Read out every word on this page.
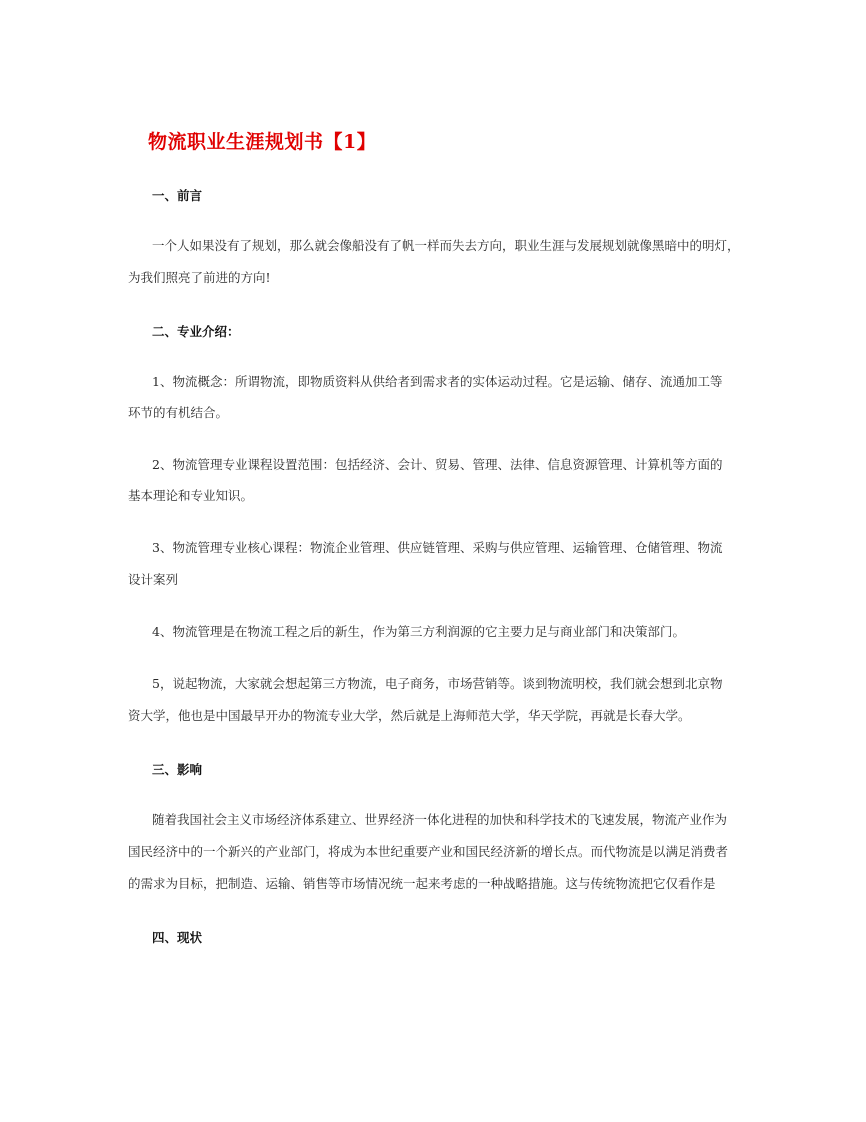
物流职业生涯规划书【1】
一、前言
一个人如果没有了规划，那么就会像船没有了帆一样而失去方向，职业生涯与发展规划就像黑暗中的明灯，
为我们照亮了前进的方向!
二、专业介绍：
1、物流概念：所谓物流，即物质资料从供给者到需求者的实体运动过程。它是运输、储存、流通加工等
环节的有机结合。
2、物流管理专业课程设置范围：包括经济、会计、贸易、管理、法律、信息资源管理、计算机等方面的
基本理论和专业知识。
3、物流管理专业核心课程：物流企业管理、供应链管理、采购与供应管理、运输管理、仓储管理、物流
设计案列
4、物流管理是在物流工程之后的新生，作为第三方利润源的它主要力足与商业部门和决策部门。
5，说起物流，大家就会想起第三方物流，电子商务，市场营销等。谈到物流明校，我们就会想到北京物
资大学，他也是中国最早开办的物流专业大学，然后就是上海师范大学，华天学院，再就是长春大学。
三、影响
随着我国社会主义市场经济体系建立、世界经济一体化进程的加快和科学技术的飞速发展，物流产业作为
国民经济中的一个新兴的产业部门，将成为本世纪重要产业和国民经济新的增长点。而代物流是以满足消费者
的需求为目标，把制造、运输、销售等市场情况统一起来考虑的一种战略措施。这与传统物流把它仅看作是
四、现状
